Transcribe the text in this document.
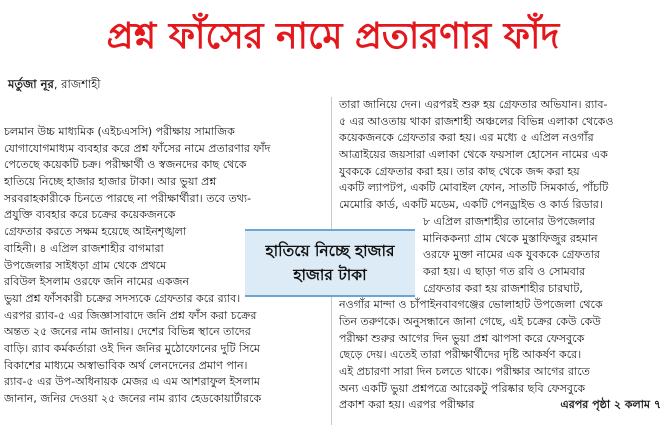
প্রশ্ন ফাঁসের নামে প্রতারণার ফাঁদ
মর্তুজা নূর, রাজশাহী
চলমান উচ্চ মাধ্যমিক (এইচএসসি) পরীক্ষায় সামাজিক
যোগাযোগমাধ্যম ব্যবহার করে প্রশ্ন ফাঁসের নামে প্রতারণার ফাঁদ
পেতেছে কয়েকটি চক্র। পরীক্ষার্থী ও স্বজনদের কাছ থেকে
হাতিয়ে নিচ্ছে হাজার হাজার টাকা। আর ভুয়া প্রশ্ন
সরবরাহকারীকে চিনতে পারছে না পরীক্ষার্থীরা। তবে তথ্য-
প্রযুক্তি ব্যবহার করে চক্রের কয়েকজনকে
গ্রেফতার করতে সক্ষম হয়েছে আইনশৃঙ্খলা
বাহিনী। ৪ এপ্রিল রাজশাহীর বাগমারা
উপজেলার সাইধড়া গ্রাম থেকে প্রথমে
রবিউল ইসলাম ওরফে জনি নামের একজন
ভুয়া প্রশ্ন ফাঁসকারী চক্রের সদস্যকে গ্রেফতার করে র‍্যাব।
এরপর র‍্যাব-৫ এর জিজ্ঞাসাবাদে জনি প্রশ্ন ফাঁস করা চক্রের
অন্তত ২৫ জনের নাম জানায়। দেশের বিভিন্ন স্থানে তাদের
বাড়ি। র‍্যাব কর্মকর্তারা ওই দিন জনির মুঠোফোনের দুটি সিমে
বিকাশের মাধ্যমে অস্বাভাবিক অর্থ লেনদেনের প্রমাণ পান।
র‍্যাব-৫ এর উপ-অধিনায়ক মেজর এ এম আশরাফুল ইসলাম
জানান, জনির দেওয়া ২৫ জনের নাম র‍্যাব হেডকোয়ার্টারকে
তারা জানিয়ে দেন। এরপরই শুরু হয় গ্রেফতার অভিযান। র‍্যাব-
৫ এর আওতায় থাকা রাজশাহী অঞ্চলের বিভিন্ন এলাকা থেকেও
কয়েকজনকে গ্রেফতার করা হয়। এর মধ্যে ৫ এপ্রিল নওগাঁর
আত্রাইয়ের জয়সারা এলাকা থেকে ফয়সাল হোসেন নামের এক
যুবককে গ্রেফতার করা হয়। তার কাছ থেকে জব্দ করা হয়
একটি ল্যাপটপ, একটি মোবাইল ফোন, সাতটি সিমকার্ড, পাঁচটি
মেমোরি কার্ড, একটি মডেম, একটি পেনড্রাইভ ও কার্ড রিডার।
৮ এপ্রিল রাজশাহীর তানোর উপজেলার
মানিককন্যা গ্রাম থেকে মুস্তাফিজুর রহমান
ওরফে মুক্তা নামের এক যুবককে গ্রেফতার
করা হয়। এ ছাড়া গত রবি ও সোমবার
গ্রেফতার করা হয় রাজশাহীর চারঘাট,
নওগাঁর মান্দা ও চাঁপাইনবাবগঞ্জের ভোলাহাট উপজেলা থেকে
তিন তরুণকে। অনুসন্ধানে জানা গেছে, এই চক্রের কেউ কেউ
পরীক্ষা শুরুর আগের দিন ভুয়া প্রশ্ন ঝাপসা করে ফেসবুকে
ছেড়ে দেয়। এতেই তারা পরীক্ষার্থীদের দৃষ্টি আকর্ষণ করে।
এই প্রচারণা সারা দিন চলতে থাকে। পরীক্ষার আগের রাতে
অন্য একটি ভুয়া প্রশ্নপত্রে আরেকটু পরিষ্কার ছবি ফেসবুকে
প্রকাশ করা হয়। এরপর পরীক্ষার	এরপর পৃষ্ঠা ২ কলাম ৭
হাতিয়ে নিচ্ছে হাজার
হাজার টাকা
